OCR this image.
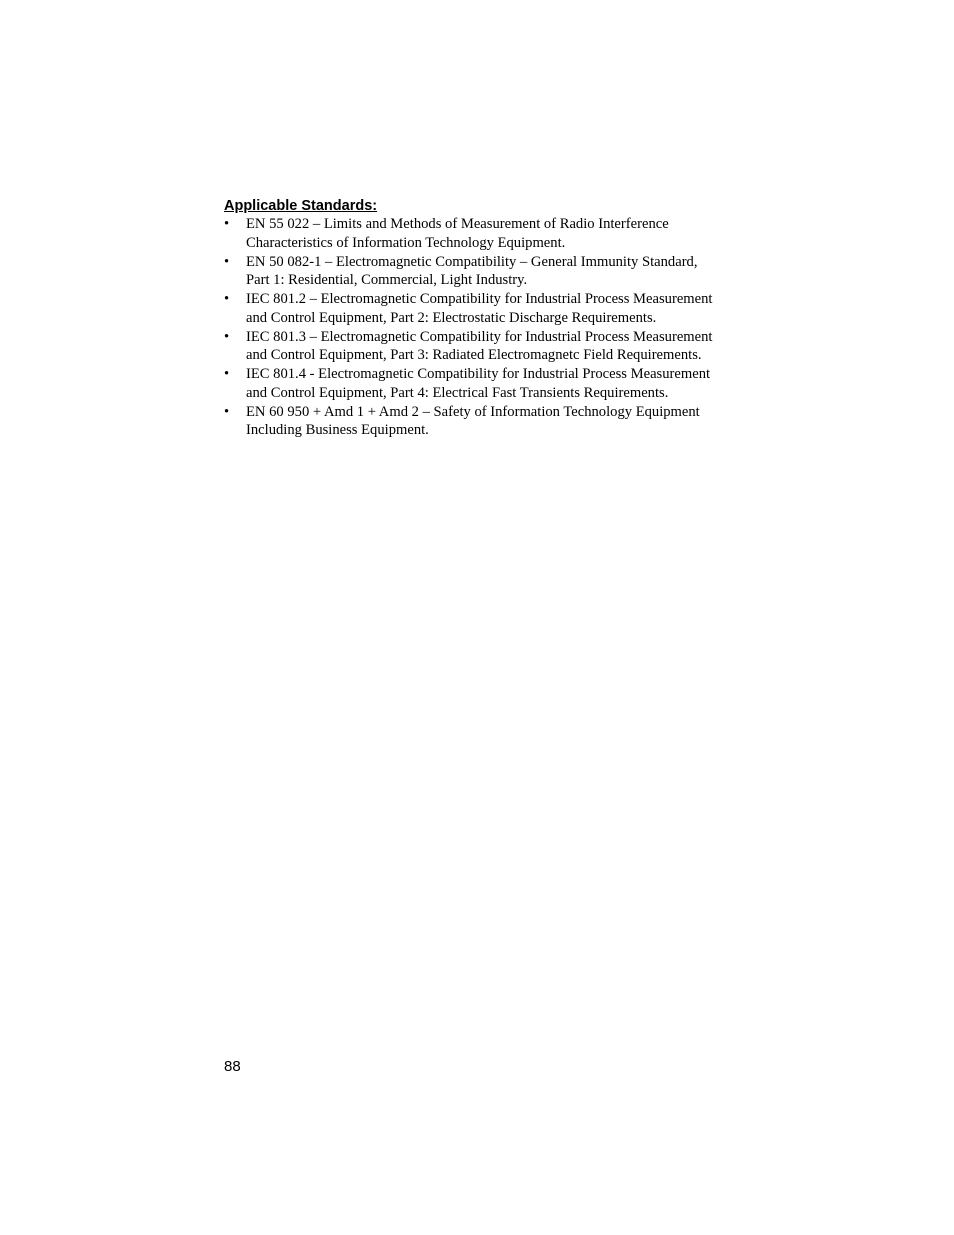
Applicable Standards:

• EN 55 022 – Limits and Methods of Measurement of Radio Interference Characteristics of Information Technology Equipment.
• EN 50 082-1 – Electromagnetic Compatibility – General Immunity Standard, Part 1: Residential, Commercial, Light Industry.
• IEC 801.2 – Electromagnetic Compatibility for Industrial Process Measurement and Control Equipment, Part 2: Electrostatic Discharge Requirements.
• IEC 801.3 – Electromagnetic Compatibility for Industrial Process Measurement and Control Equipment, Part 3: Radiated Electromagnetc Field Requirements.
• IEC 801.4 - Electromagnetic Compatibility for Industrial Process Measurement and Control Equipment, Part 4: Electrical Fast Transients Requirements.
• EN 60 950 + Amd 1 + Amd 2 – Safety of Information Technology Equipment Including Business Equipment.
88
